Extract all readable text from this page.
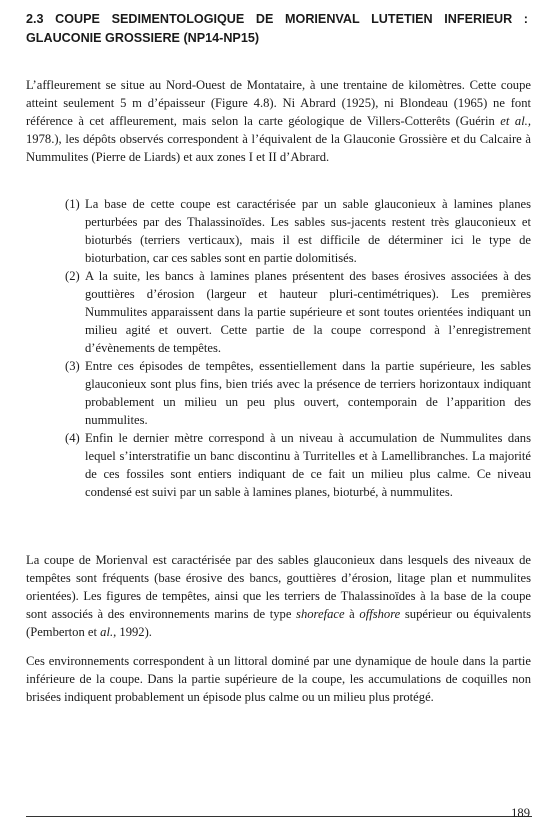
2.3 COUPE SEDIMENTOLOGIQUE DE MORIENVAL LUTETIEN INFERIEUR : GLAUCONIE GROSSIERE (NP14-NP15)

L’affleurement se situe au Nord-Ouest de Montataire, à une trentaine de kilomètres. Cette coupe atteint seulement 5 m d’épaisseur (Figure 4.8). Ni Abrard (1925), ni Blondeau (1965) ne font référence à cet affleurement, mais selon la carte géologique de Villers-Cotterêts (Guérin et al., 1978.), les dépôts observés correspondent à l’équivalent de la Glauconie Grossière et du Calcaire à Nummulites (Pierre de Liards) et aux zones I et II d’Abrard.

(1) La base de cette coupe est caractérisée par un sable glauconieux à lamines planes perturbées par des Thalassinoïdes. Les sables sus-jacents restent très glauconieux et bioturbés (terriers verticaux), mais il est difficile de déterminer ici le type de bioturbation, car ces sables sont en partie dolomitisés.
(2) A la suite, les bancs à lamines planes présentent des bases érosives associées à des gouttières d’érosion (largeur et hauteur pluri-centimétriques). Les premières Nummulites apparaissent dans la partie supérieure et sont toutes orientées indiquant un milieu agité et ouvert. Cette partie de la coupe correspond à l’enregistrement d’évènements de tempêtes.
(3) Entre ces épisodes de tempêtes, essentiellement dans la partie supérieure, les sables glauconieux sont plus fins, bien triés avec la présence de terriers horizontaux indiquant probablement un milieu un peu plus ouvert, contemporain de l’apparition des nummulites.
(4) Enfin le dernier mètre correspond à un niveau à accumulation de Nummulites dans lequel s’interstratifie un banc discontinu à Turritelles et à Lamellibranches. La majorité de ces fossiles sont entiers indiquant de ce fait un milieu plus calme. Ce niveau condensé est suivi par un sable à lamines planes, bioturbé, à nummulites.

La coupe de Morienval est caractérisée par des sables glauconieux dans lesquels des niveaux de tempêtes sont fréquents (base érosive des bancs, gouttières d’érosion, litage plan et nummulites orientées). Les figures de tempêtes, ainsi que les terriers de Thalassinoïdes à la base de la coupe sont associés à des environnements marins de type shoreface à offshore supérieur ou équivalents (Pemberton et al., 1992).

Ces environnements correspondent à un littoral dominé par une dynamique de houle dans la partie inférieure de la coupe. Dans la partie supérieure de la coupe, les accumulations de coquilles non brisées indiquent probablement un épisode plus calme ou un milieu plus protégé.

189
